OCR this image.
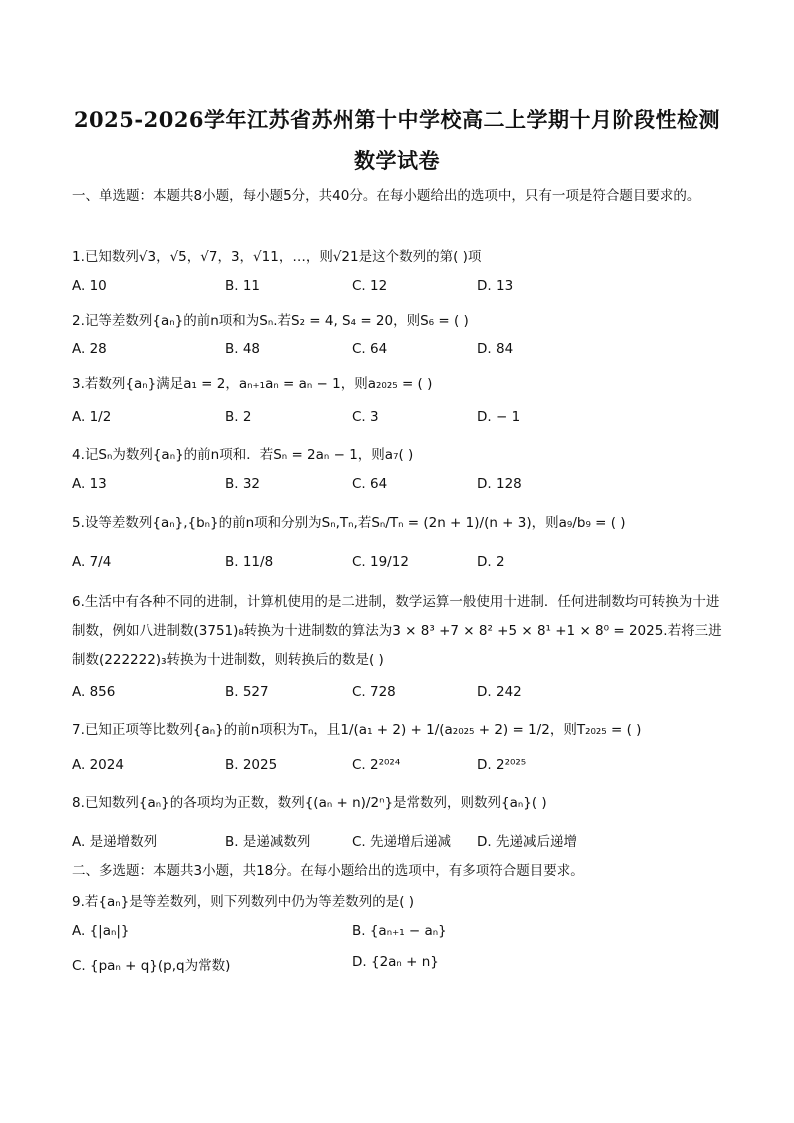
2025-2026学年江苏省苏州第十中学校高二上学期十月阶段性检测
数学试卷
一、单选题：本题共8小题，每小题5分，共40分。在每小题给出的选项中，只有一项是符合题目要求的。
1.已知数列√3，√5，√7，3，√11，…，则√21是这个数列的第( )项
A. 10	B. 11	C. 12	D. 13
2.记等差数列{aₙ}的前n项和为Sₙ.若S₂ = 4, S₄ = 20，则S₆ = ( )
A. 28	B. 48	C. 64	D. 84
3.若数列{aₙ}满足a₁ = 2，aₙ₊₁aₙ = aₙ − 1，则a₂₀₂₅ = ( )
A. 1/2	B. 2	C. 3	D. − 1
4.记Sₙ为数列{aₙ}的前n项和．若Sₙ = 2aₙ − 1，则a₇( )
A. 13	B. 32	C. 64	D. 128
5.设等差数列{aₙ},{bₙ}的前n项和分别为Sₙ,Tₙ,若Sₙ/Tₙ = (2n + 1)/(n + 3)，则a₉/b₉ = ( )
A. 7/4	B. 11/8	C. 19/12	D. 2
6.生活中有各种不同的进制，计算机使用的是二进制，数学运算一般使用十进制．任何进制数均可转换为十进制数，例如八进制数(3751)₈转换为十进制数的算法为3 × 8³ +7 × 8² +5 × 8¹ +1 × 8⁰ = 2025.若将三进制数(222222)₃转换为十进制数，则转换后的数是( )
A. 856	B. 527	C. 728	D. 242
7.已知正项等比数列{aₙ}的前n项积为Tₙ，且1/(a₁ + 2) + 1/(a₂₀₂₅ + 2) = 1/2，则T₂₀₂₅ = ( )
A. 2024	B. 2025	C. 2²⁰²⁴	D. 2²⁰²⁵
8.已知数列{aₙ}的各项均为正数，数列{(aₙ + n)/2ⁿ}是常数列，则数列{aₙ}( )
A. 是递增数列	B. 是递减数列	C. 先递增后递减 D. 先递减后递增
二、多选题：本题共3小题，共18分。在每小题给出的选项中，有多项符合题目要求。
9.若{aₙ}是等差数列，则下列数列中仍为等差数列的是( )
A. {|aₙ|}	B. {aₙ₊₁ − aₙ}
C. {paₙ + q}(p,q为常数)	D. {2aₙ + n}
